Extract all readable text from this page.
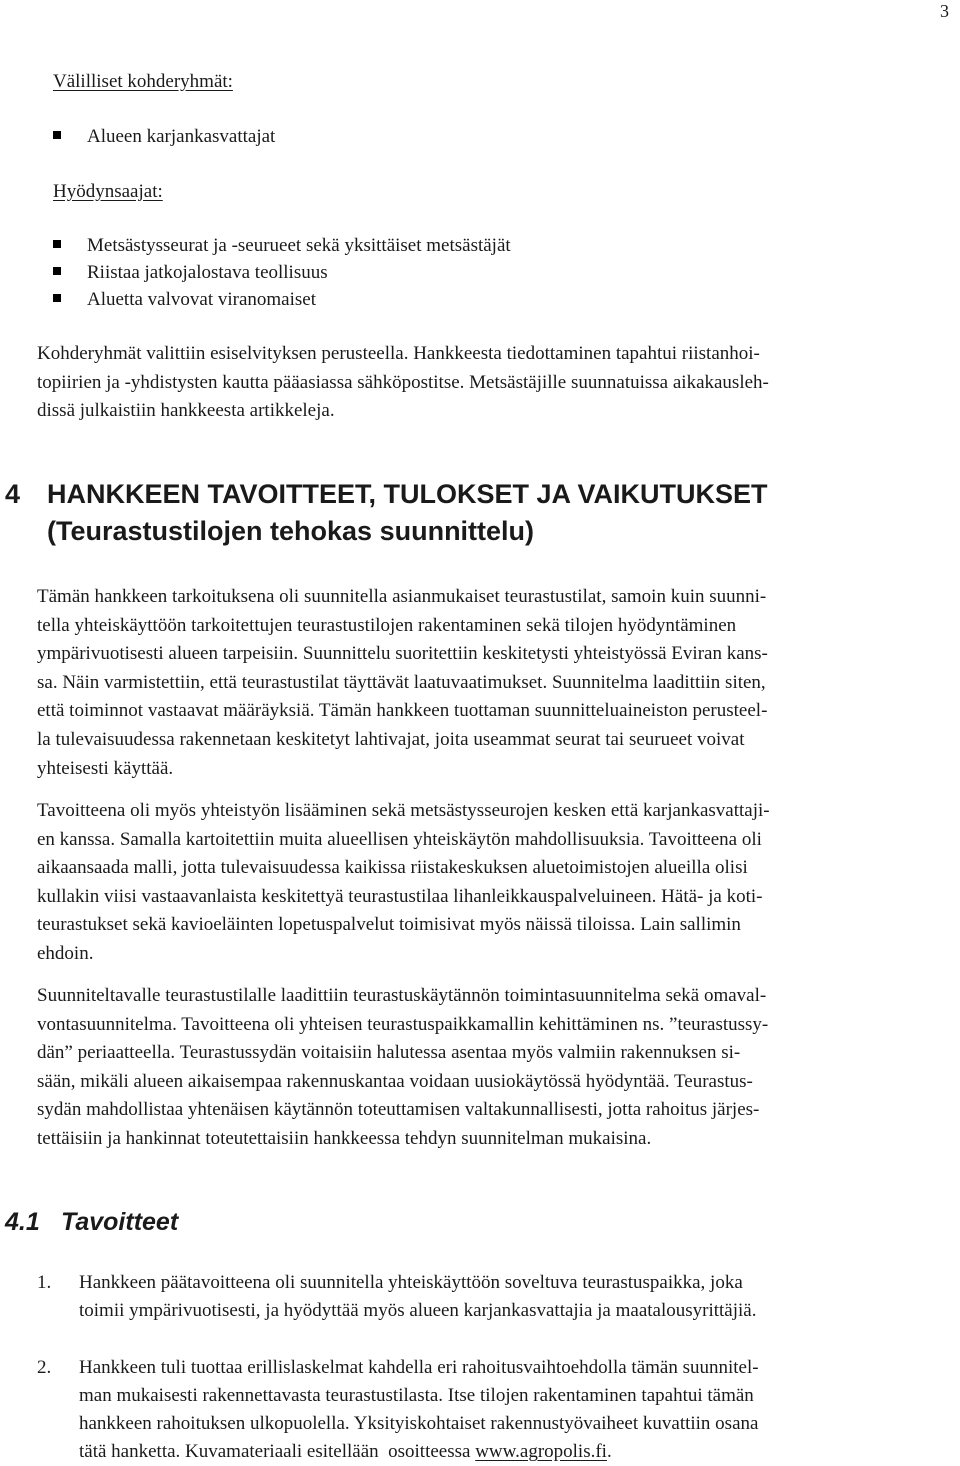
3
Välilliset kohderyhmät:
Alueen karjankasvattajat
Hyödynsaajat:
Metsästysseurat ja -seurueet sekä yksittäiset metsästäjät
Riistaa jatkojalostava teollisuus
Aluetta valvovat viranomaiset

Kohderyhmät valittiin esiselvityksen perusteella. Hankkeesta tiedottaminen tapahtui riistanhoi-
topiirien ja -yhdistysten kautta pääasiassa sähköpostitse. Metsästäjille suunnatuissa aikakausleh-
dissä julkaistiin hankkeesta artikkeleja.

4 HANKKEEN TAVOITTEET, TULOKSET JA VAIKUTUKSET
(Teurastustilojen tehokas suunnittelu)

Tämän hankkeen tarkoituksena oli suunnitella asianmukaiset teurastustilat, samoin kuin suunni-
tella yhteiskäyttöön tarkoitettujen teurastustilojen rakentaminen sekä tilojen hyödyntäminen
ympärivuotisesti alueen tarpeisiin. Suunnittelu suoritettiin keskitetysti yhteistyössä Eviran kans-
sa. Näin varmistettiin, että teurastustilat täyttävät laatuvaatimukset. Suunnitelma laadittiin siten,
että toiminnot vastaavat määräyksiä. Tämän hankkeen tuottaman suunnitteluaineiston perusteel-
la tulevaisuudessa rakennetaan keskitetyt lahtivajat, joita useammat seurat tai seurueet voivat
yhteisesti käyttää.

Tavoitteena oli myös yhteistyön lisääminen sekä metsästysseurojen kesken että karjankasvattaji-
en kanssa. Samalla kartoitettiin muita alueellisen yhteiskäytön mahdollisuuksia. Tavoitteena oli
aikaansaada malli, jotta tulevaisuudessa kaikissa riistakeskuksen aluetoimistojen alueilla olisi
kullakin viisi vastaavanlaista keskitettyä teurastustilaa lihanleikkauspalveluineen. Hätä- ja koti-
teurastukset sekä kavioeläinten lopetuspalvelut toimisivat myös näissä tiloissa. Lain sallimin
ehdoin.

Suunniteltavalle teurastustilalle laadittiin teurastuskäytännön toimintasuunnitelma sekä omaval-
vontasuunnitelma. Tavoitteena oli yhteisen teurastuspaikkamallin kehittäminen ns. ”teurastussy-
dän” periaatteella. Teurastussydän voitaisiin halutessa asentaa myös valmiin rakennuksen si-
sään, mikäli alueen aikaisempaa rakennuskantaa voidaan uusiokäytössä hyödyntää. Teurastus-
sydän mahdollistaa yhtenäisen käytännön toteuttamisen valtakunnallisesti, jotta rahoitus järjes-
tettäisiin ja hankinnat toteutettaisiin hankkeessa tehdyn suunnitelman mukaisina.

4.1 Tavoitteet
1. Hankkeen päätavoitteena oli suunnitella yhteiskäyttöön soveltuva teurastuspaikka, joka
toimii ympärivuotisesti, ja hyödyttää myös alueen karjankasvattajia ja maatalousyrittäjiä.
2. Hankkeen tuli tuottaa erillislaskelmat kahdella eri rahoitusvaihtoehdolla tämän suunnitel-
man mukaisesti rakennettavasta teurastustilasta. Itse tilojen rakentaminen tapahtui tämän
hankkeen rahoituksen ulkopuolella. Yksityiskohtaiset rakennustyövaiheet kuvattiin osana
tätä hanketta. Kuvamateriaali esitellään  osoitteessa www.agropolis.fi.
